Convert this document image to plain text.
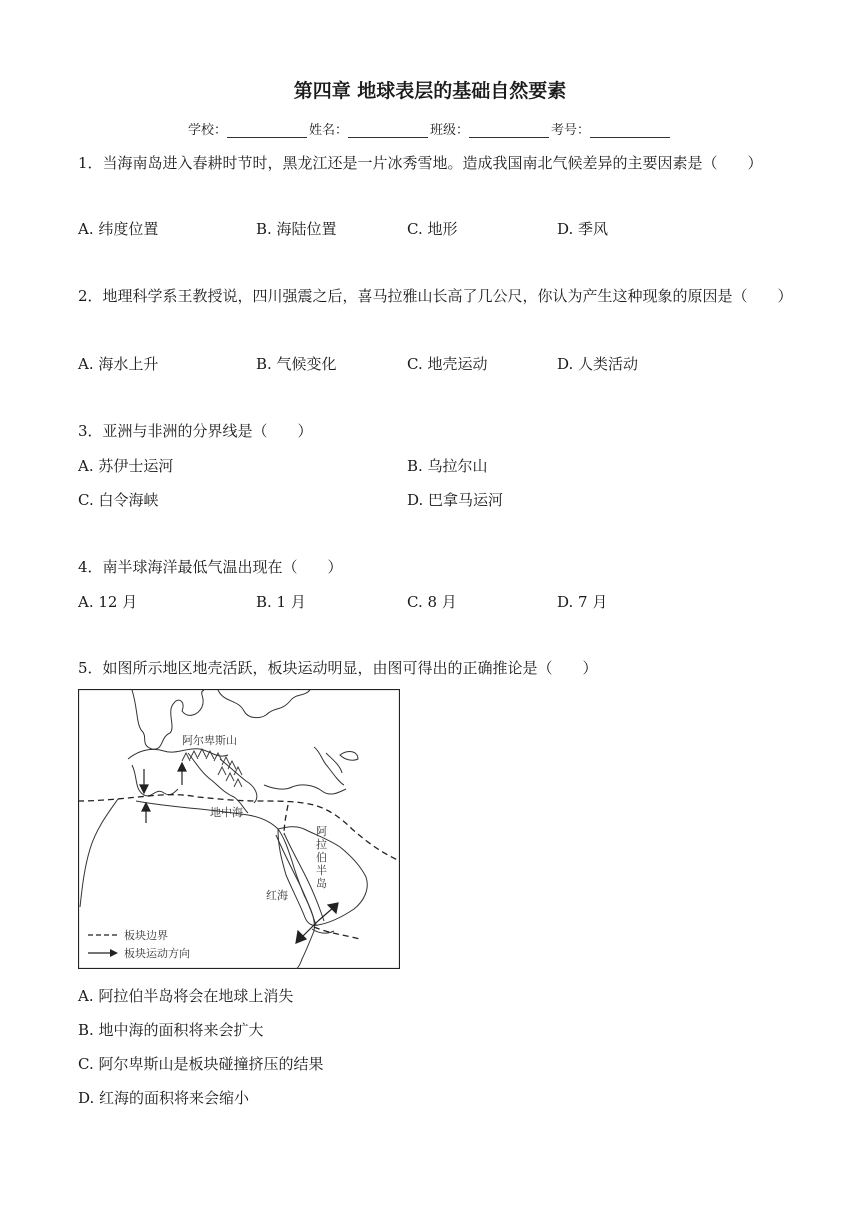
第四章 地球表层的基础自然要素
学校：	姓名：	班级：	考号：
1．当海南岛进入春耕时节时，黑龙江还是一片冰秀雪地。造成我国南北气候差异的主要因素是（　　）
A. 纬度位置	B. 海陆位置	C. 地形	D. 季风
2．地理科学系王教授说，四川强震之后，喜马拉雅山长高了几公尺，你认为产生这种现象的原因是（　　）
A. 海水上升	B. 气候变化	C. 地壳运动	D. 人类活动
3．亚洲与非洲的分界线是（　　）
A. 苏伊士运河	B. 乌拉尔山
C. 白令海峡	D. 巴拿马运河
4．南半球海洋最低气温出现在（　　）
A. 12 月	B. 1 月	C. 8 月	D. 7 月
5．如图所示地区地壳活跃，板块运动明显，由图可得出的正确推论是（　　）
阿尔卑斯山
地中海
阿
拉
伯
半
岛
红海
板块边界
板块运动方向
A. 阿拉伯半岛将会在地球上消失
B. 地中海的面积将来会扩大
C. 阿尔卑斯山是板块碰撞挤压的结果
D. 红海的面积将来会缩小
